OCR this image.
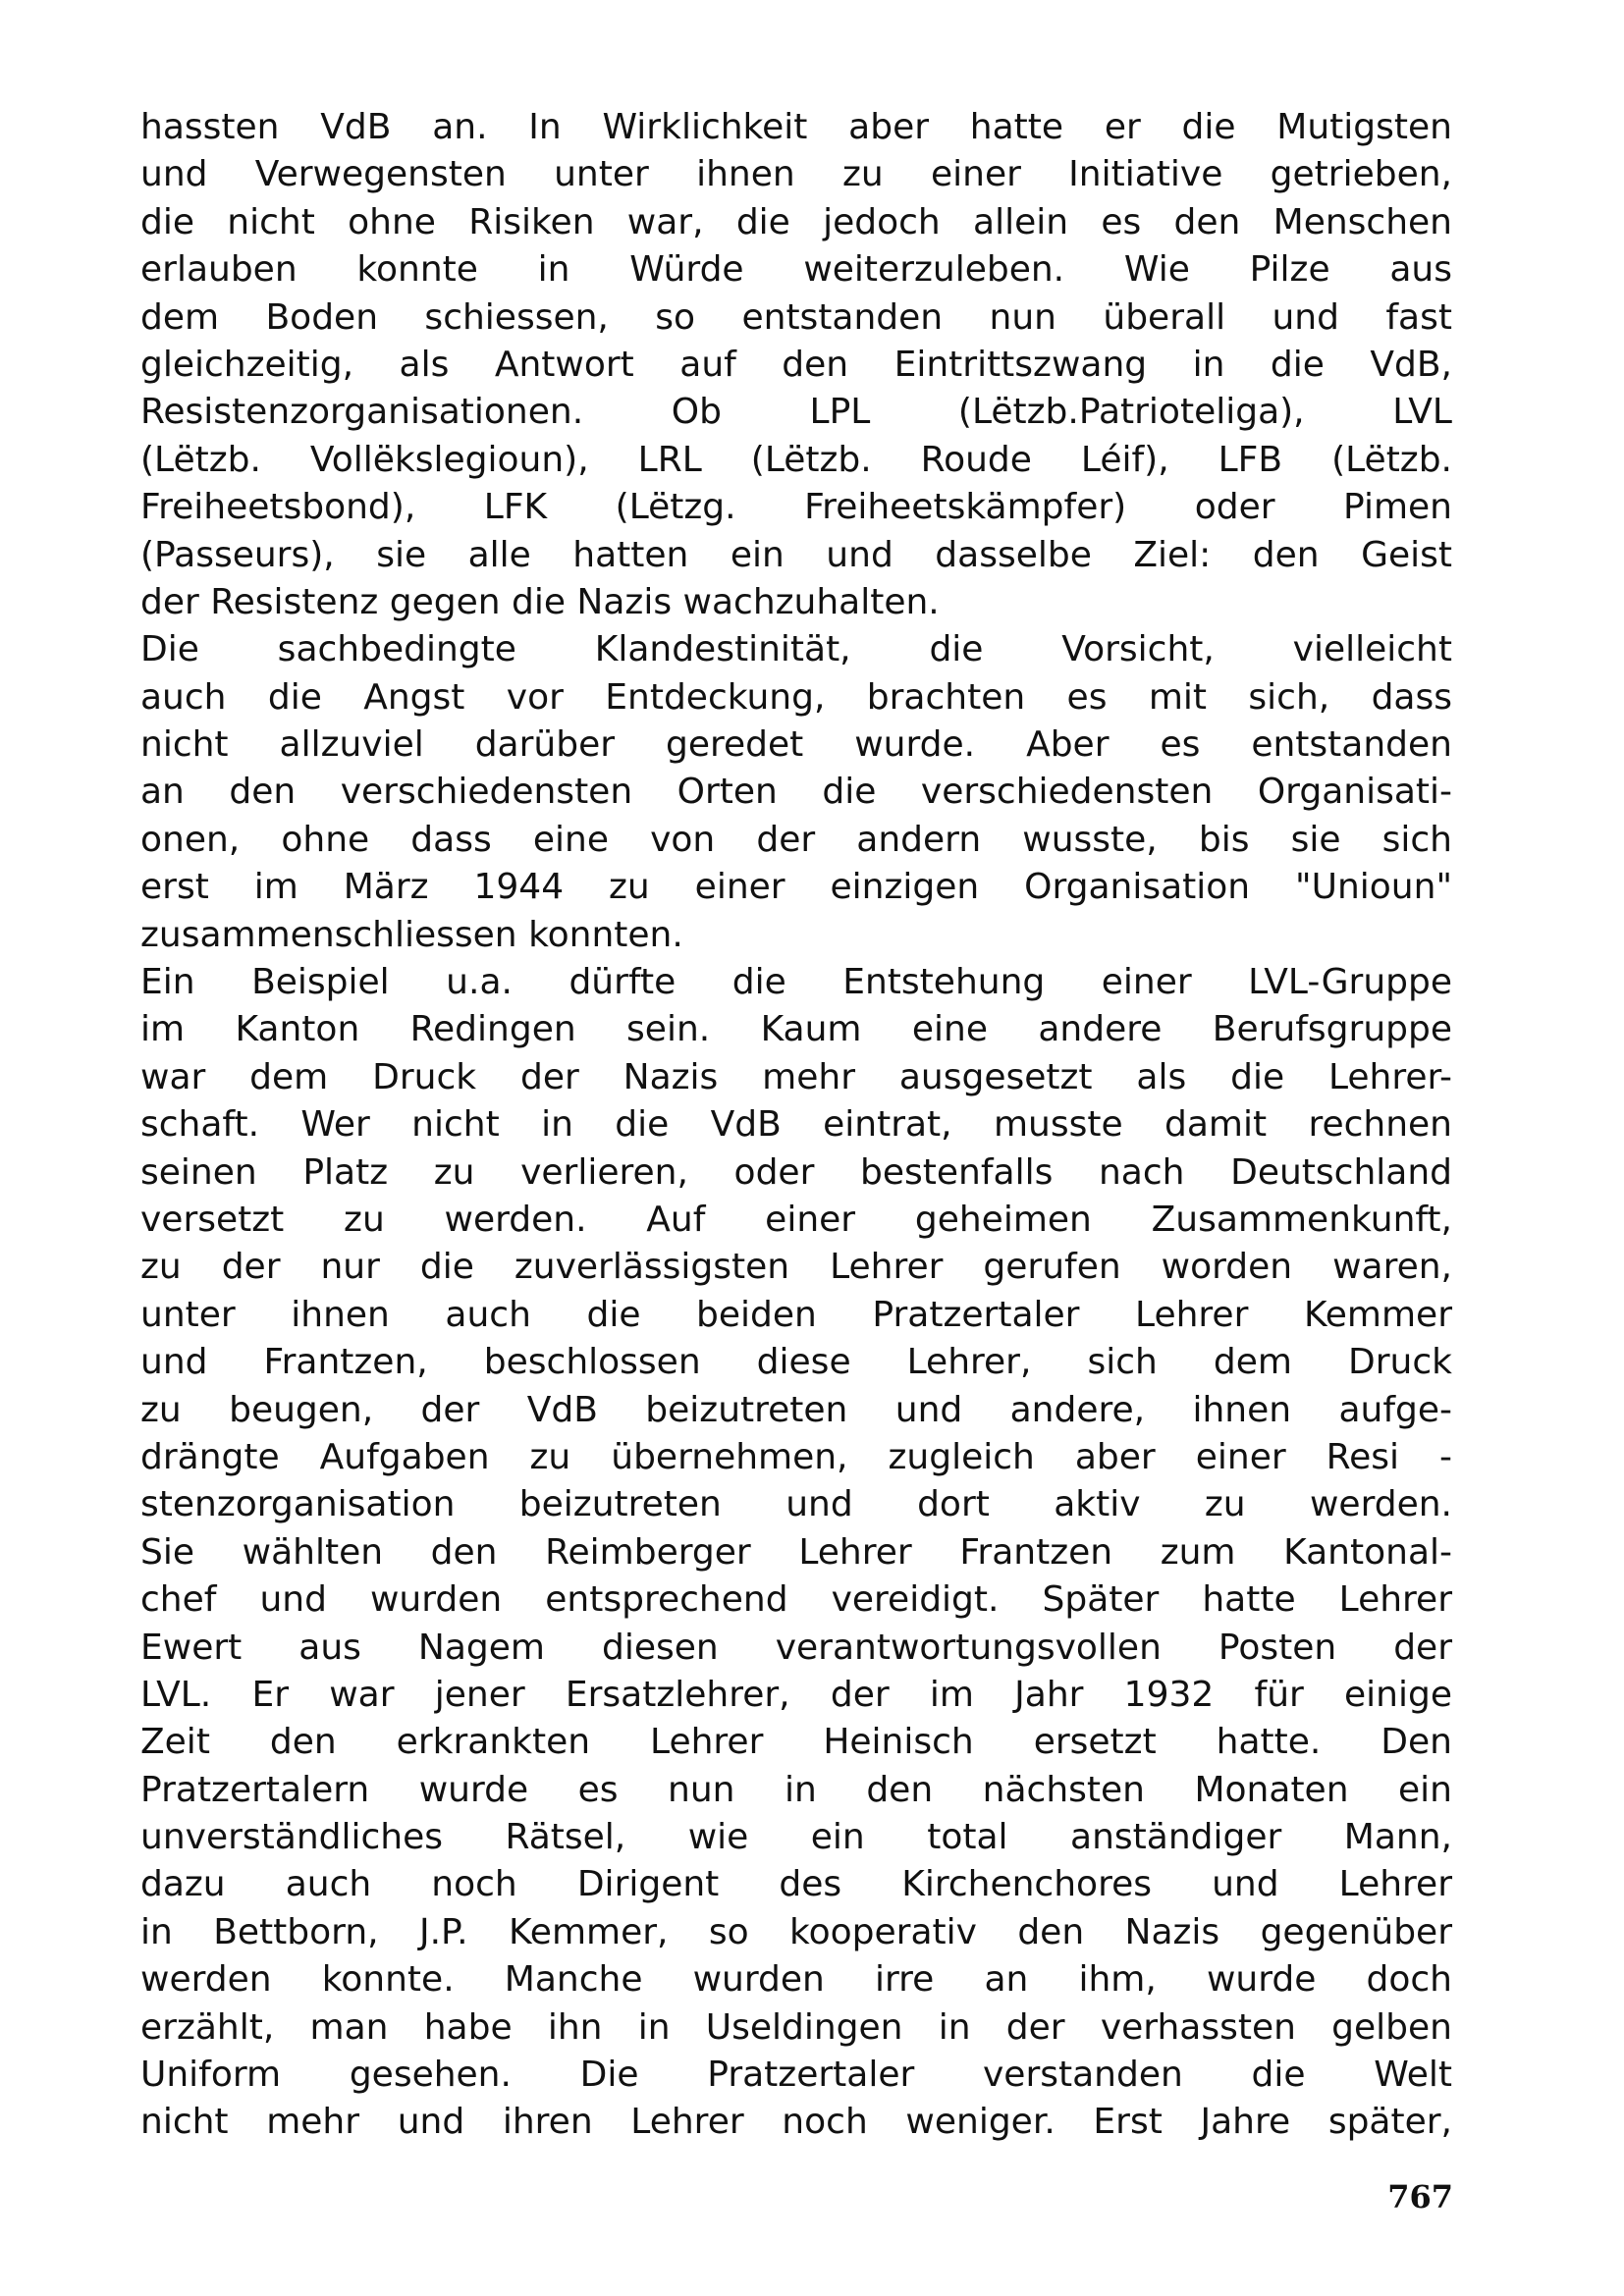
hassten VdB an. In Wirklichkeit aber hatte er die Mutigsten
und Verwegensten unter ihnen zu einer Initiative getrieben,
die nicht ohne Risiken war, die jedoch allein es den Menschen
erlauben konnte in Würde weiterzuleben. Wie Pilze aus
dem Boden schiessen, so entstanden nun überall und fast
gleichzeitig, als Antwort auf den Eintrittszwang in die VdB,
Resistenzorganisationen. Ob LPL (Lëtzb.Patrioteliga), LVL
(Lëtzb. Vollëkslegioun), LRL (Lëtzb. Roude Léif), LFB (Lëtzb.
Freiheetsbond), LFK (Lëtzg. Freiheetskämpfer) oder Pimen
(Passeurs), sie alle hatten ein und dasselbe Ziel: den Geist
der Resistenz gegen die Nazis wachzuhalten.
Die sachbedingte Klandestinität, die Vorsicht, vielleicht
auch die Angst vor Entdeckung, brachten es mit sich, dass
nicht allzuviel darüber geredet wurde. Aber es entstanden
an den verschiedensten Orten die verschiedensten Organisati-
onen, ohne dass eine von der andern wusste, bis sie sich
erst im März 1944 zu einer einzigen Organisation "Unioun"
zusammenschliessen konnten.
Ein Beispiel u.a. dürfte die Entstehung einer LVL-Gruppe
im Kanton Redingen sein. Kaum eine andere Berufsgruppe
war dem Druck der Nazis mehr ausgesetzt als die Lehrer-
schaft. Wer nicht in die VdB eintrat, musste damit rechnen
seinen Platz zu verlieren, oder bestenfalls nach Deutschland
versetzt zu werden. Auf einer geheimen Zusammenkunft,
zu der nur die zuverlässigsten Lehrer gerufen worden waren,
unter ihnen auch die beiden Pratzertaler Lehrer Kemmer
und Frantzen, beschlossen diese Lehrer, sich dem Druck
zu beugen, der VdB beizutreten und andere, ihnen aufge-
drängte Aufgaben zu übernehmen, zugleich aber einer Resi -
stenzorganisation beizutreten und dort aktiv zu werden.
Sie wählten den Reimberger Lehrer Frantzen zum Kantonal-
chef und wurden entsprechend vereidigt. Später hatte Lehrer
Ewert aus Nagem diesen verantwortungsvollen Posten der
LVL. Er war jener Ersatzlehrer, der im Jahr 1932 für einige
Zeit den erkrankten Lehrer Heinisch ersetzt hatte. Den
Pratzertalern wurde es nun in den nächsten Monaten ein
unverständliches Rätsel, wie ein total anständiger Mann,
dazu auch noch Dirigent des Kirchenchores und Lehrer
in Bettborn, J.P. Kemmer, so kooperativ den Nazis gegenüber
werden konnte. Manche wurden irre an ihm, wurde doch
erzählt, man habe ihn in Useldingen in der verhassten gelben
Uniform gesehen. Die Pratzertaler verstanden die Welt
nicht mehr und ihren Lehrer noch weniger. Erst Jahre später,
767
